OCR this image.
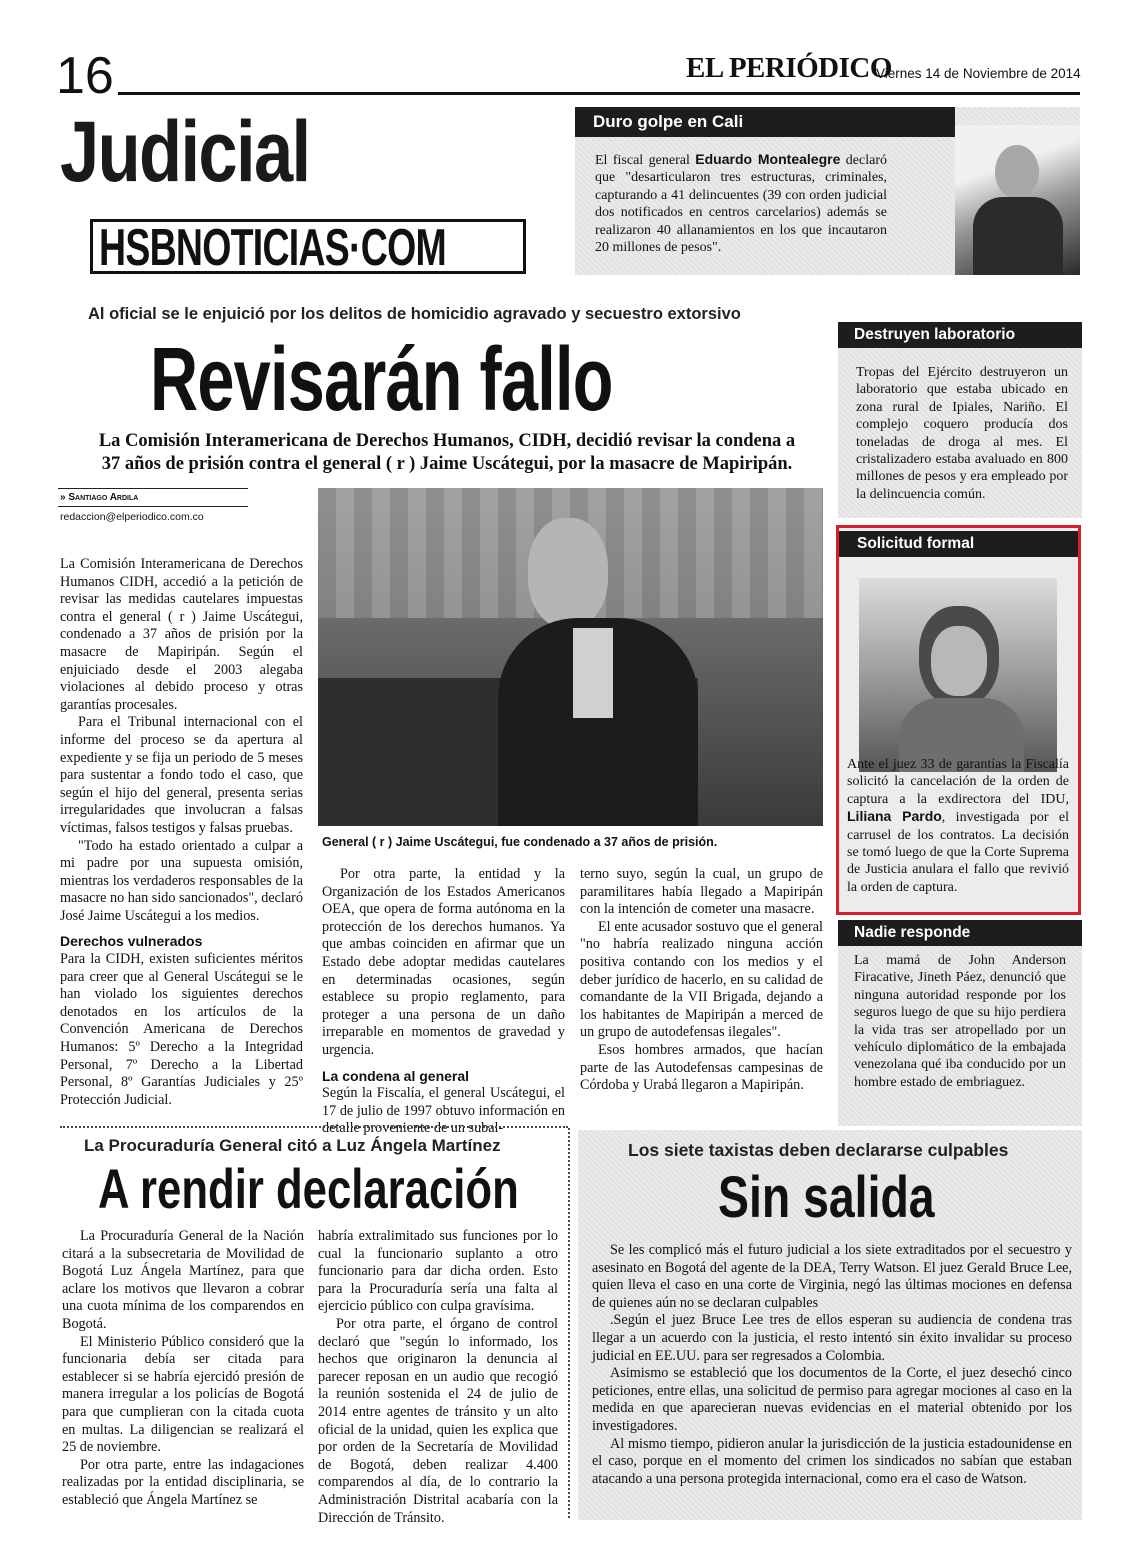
16	EL PERIÓDICO
Viernes 14 de Noviembre de 2014
Judicial
HSBNOTICIAS·COM
Duro golpe en Cali

El fiscal general Eduardo Montealegre declaró que "desarticularon tres estructuras, criminales, capturando a 41 delincuentes (39 con orden judicial dos notificados en centros carcelarios) además se realizaron 40 allanamientos en los que incautaron 20 millones de pesos".

Al oficial se le enjuició por los delitos de homicidio agravado y secuestro extorsivo
Revisarán fallo
La Comisión Interamericana de Derechos Humanos, CIDH, decidió revisar la condena a 37 años de prisión contra el general ( r ) Jaime Uscátegui, por la masacre de Mapiripán.
» Santiago Ardila
redaccion@elperiodico.com.co
General ( r ) Jaime Uscátegui, fue condenado a 37 años de prisión.

La Comisión Interamericana de Derechos Humanos CIDH, accedió a la petición de revisar las medidas cautelares impuestas contra el general ( r ) Jaime Uscátegui, condenado a 37 años de prisión por la masacre de Mapiripán. Según el enjuiciado desde el 2003 alegaba violaciones al debido proceso y otras garantías procesales.

Para el Tribunal internacional con el informe del proceso se da apertura al expediente y se fija un periodo de 5 meses para sustentar a fondo todo el caso, que según el hijo del general, presenta serias irregularidades que involucran a falsas víctimas, falsos testigos y falsas pruebas.

"Todo ha estado orientado a culpar a mi padre por una supuesta omisión, mientras los verdaderos responsables de la masacre no han sido sancionados", declaró José Jaime Uscátegui a los medios.

Derechos vulnerados

Para la CIDH, existen suficientes méritos para creer que al General Uscátegui se le han violado los siguientes derechos denotados en los artículos de la Convención Americana de Derechos Humanos: 5º Derecho a la Integridad Personal, 7º Derecho a la Libertad Personal, 8º Garantías Judiciales y 25º Protección Judicial.

Por otra parte, la entidad y la Organización de los Estados Americanos OEA, que opera de forma autónoma en la protección de los derechos humanos. Ya que ambas coinciden en afirmar que un Estado debe adoptar medidas cautelares en determinadas ocasiones, según establece su propio reglamento, para proteger a una persona de un daño irreparable en momentos de gravedad y urgencia.

La condena al general

Según la Fiscalía, el general Uscátegui, el 17 de julio de 1997 obtuvo información en detalle proveniente de un subal-

terno suyo, según la cual, un grupo de paramilitares había llegado a Mapiripán con la intención de cometer una masacre.

El ente acusador sostuvo que el general "no habría realizado ninguna acción positiva contando con los medios y el deber jurídico de hacerlo, en su calidad de comandante de la VII Brigada, dejando a los habitantes de Mapiripán a merced de un grupo de autodefensas ilegales".

Esos hombres armados, que hacían parte de las Autodefensas campesinas de Córdoba y Urabá llegaron a Mapiripán.

Destruyen laboratorio

Tropas del Ejército destruyeron un laboratorio que estaba ubicado en zona rural de Ipiales, Nariño. El complejo coquero producía dos toneladas de droga al mes. El cristalizadero estaba avaluado en 800 millones de pesos y era empleado por la delincuencia común.

Solicitud formal

Ante el juez 33 de garantías la Fiscalía solicitó la cancelación de la orden de captura a la exdirectora del IDU, Liliana Pardo, investigada por el carrusel de los contratos. La decisión se tomó luego de que la Corte Suprema de Justicia anulara el fallo que revivió la orden de captura.

Nadie responde

La mamá de John Anderson Firacative, Jineth Páez, denunció que ninguna autoridad responde por los seguros luego de que su hijo perdiera la vida tras ser atropellado por un vehículo diplomático de la embajada venezolana qué iba conducido por un hombre estado de embriaguez.

La Procuraduría General citó a Luz Ángela Martínez
A rendir declaración

La Procuraduría General de la Nación citará a la subsecretaria de Movilidad de Bogotá Luz Ángela Martínez, para que aclare los motivos que llevaron a cobrar una cuota mínima de los comparendos en Bogotá.

El Ministerio Público consideró que la funcionaria debía ser citada para establecer si se habría ejercidó presión de manera irregular a los policías de Bogotá para que cumplieran con la citada cuota en multas. La diligencian se realizará el 25 de noviembre.

Por otra parte, entre las indagaciones realizadas por la entidad disciplinaria, se estableció que Ángela Martínez se

habría extralimitado sus funciones por lo cual la funcionario suplanto a otro funcionario para dar dicha orden. Esto para la Procuraduría sería una falta al ejercicio público con culpa gravísima.

Por otra parte, el órgano de control declaró que "según lo informado, los hechos que originaron la denuncia al parecer reposan en un audio que recogió la reunión sostenida el 24 de julio de 2014 entre agentes de tránsito y un alto oficial de la unidad, quien les explica que por orden de la Secretaría de Movilidad de Bogotá, deben realizar 4.400 comparendos al día, de lo contrario la Administración Distrital acabaría con la Dirección de Tránsito.

Los siete taxistas deben declararse culpables
Sin salida

Se les complicó más el futuro judicial a los siete extraditados por el secuestro y asesinato en Bogotá del agente de la DEA, Terry Watson. El juez Gerald Bruce Lee, quien lleva el caso en una corte de Virginia, negó las últimas mociones en defensa de quienes aún no se declaran culpables

.Según el juez Bruce Lee tres de ellos esperan su audiencia de condena tras llegar a un acuerdo con la justicia, el resto intentó sin éxito invalidar su proceso judicial en EE.UU. para ser regresados a Colombia.

Asimismo se estableció que los documentos de la Corte, el juez desechó cinco peticiones, entre ellas, una solicitud de permiso para agregar mociones al caso en la medida en que aparecieran nuevas evidencias en el material obtenido por los investigadores.

Al mismo tiempo, pidieron anular la jurisdicción de la justicia estadounidense en el caso, porque en el momento del crimen los sindicados no sabían que estaban atacando a una persona protegida internacional, como era el caso de Watson.
